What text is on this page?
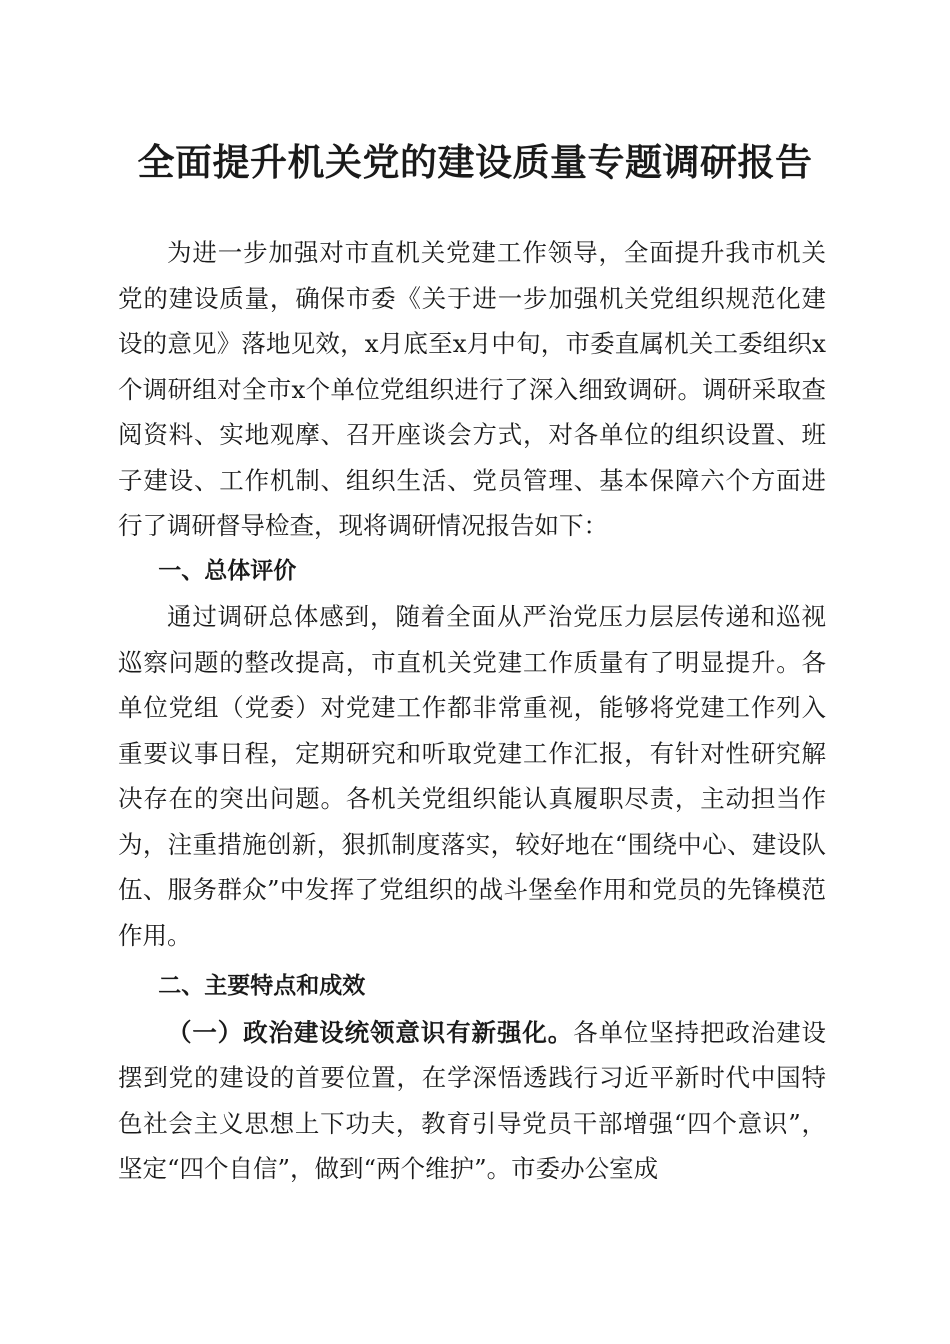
全面提升机关党的建设质量专题调研报告

为进一步加强对市直机关党建工作领导，全面提升我市机关党的建设质量，确保市委《关于进一步加强机关党组织规范化建设的意见》落地见效，x月底至x月中旬，市委直属机关工委组织x个调研组对全市x个单位党组织进行了深入细致调研。调研采取查阅资料、实地观摩、召开座谈会方式，对各单位的组织设置、班子建设、工作机制、组织生活、党员管理、基本保障六个方面进行了调研督导检查，现将调研情况报告如下：

一、总体评价

通过调研总体感到，随着全面从严治党压力层层传递和巡视巡察问题的整改提高，市直机关党建工作质量有了明显提升。各单位党组（党委）对党建工作都非常重视，能够将党建工作列入重要议事日程，定期研究和听取党建工作汇报，有针对性研究解决存在的突出问题。各机关党组织能认真履职尽责，主动担当作为，注重措施创新，狠抓制度落实，较好地在“围绕中心、建设队伍、服务群众”中发挥了党组织的战斗堡垒作用和党员的先锋模范作用。

二、主要特点和成效

（一）政治建设统领意识有新强化。各单位坚持把政治建设摆到党的建设的首要位置，在学深悟透践行习近平新时代中国特色社会主义思想上下功夫，教育引导党员干部增强“四个意识”，坚定“四个自信”，做到“两个维护”。市委办公室成
